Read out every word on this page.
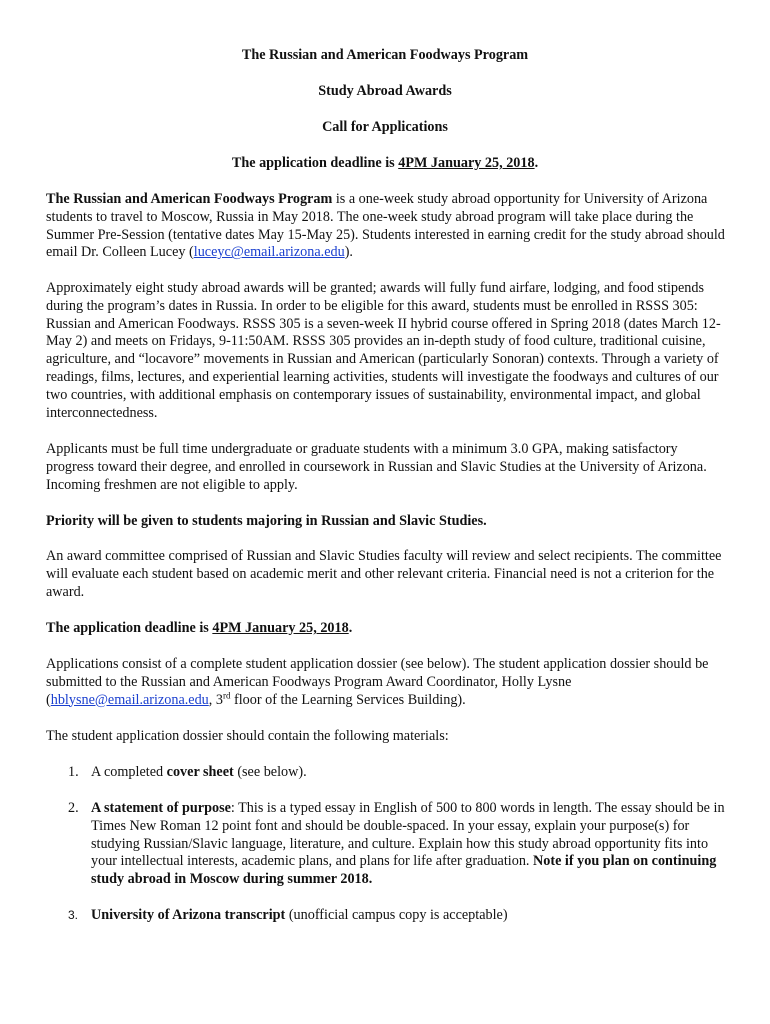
The Russian and American Foodways Program
Study Abroad Awards
Call for Applications
The application deadline is 4PM January 25, 2018.

The Russian and American Foodways Program is a one-week study abroad opportunity for University of Arizona students to travel to Moscow, Russia in May 2018. The one-week study abroad program will take place during the Summer Pre-Session (tentative dates May 15-May 25). Students interested in earning credit for the study abroad should email Dr. Colleen Lucey (luceyc@email.arizona.edu).

Approximately eight study abroad awards will be granted; awards will fully fund airfare, lodging, and food stipends during the program’s dates in Russia. In order to be eligible for this award, students must be enrolled in RSSS 305: Russian and American Foodways. RSSS 305 is a seven-week II hybrid course offered in Spring 2018 (dates March 12-May 2) and meets on Fridays, 9-11:50AM. RSSS 305 provides an in-depth study of food culture, traditional cuisine, agriculture, and “locavore” movements in Russian and American (particularly Sonoran) contexts. Through a variety of readings, films, lectures, and experiential learning activities, students will investigate the foodways and cultures of our two countries, with additional emphasis on contemporary issues of sustainability, environmental impact, and global interconnectedness.

Applicants must be full time undergraduate or graduate students with a minimum 3.0 GPA, making satisfactory progress toward their degree, and enrolled in coursework in Russian and Slavic Studies at the University of Arizona. Incoming freshmen are not eligible to apply.

Priority will be given to students majoring in Russian and Slavic Studies.

An award committee comprised of Russian and Slavic Studies faculty will review and select recipients. The committee will evaluate each student based on academic merit and other relevant criteria. Financial need is not a criterion for the award.

The application deadline is 4PM January 25, 2018.

Applications consist of a complete student application dossier (see below). The student application dossier should be submitted to the Russian and American Foodways Program Award Coordinator, Holly Lysne (hblysne@email.arizona.edu, 3rd floor of the Learning Services Building).

The student application dossier should contain the following materials:

1. A completed cover sheet (see below).
2. A statement of purpose: This is a typed essay in English of 500 to 800 words in length. The essay should be in Times New Roman 12 point font and should be double-spaced. In your essay, explain your purpose(s) for studying Russian/Slavic language, literature, and culture. Explain how this study abroad opportunity fits into your intellectual interests, academic plans, and plans for life after graduation. Note if you plan on continuing study abroad in Moscow during summer 2018.
3. University of Arizona transcript (unofficial campus copy is acceptable)
